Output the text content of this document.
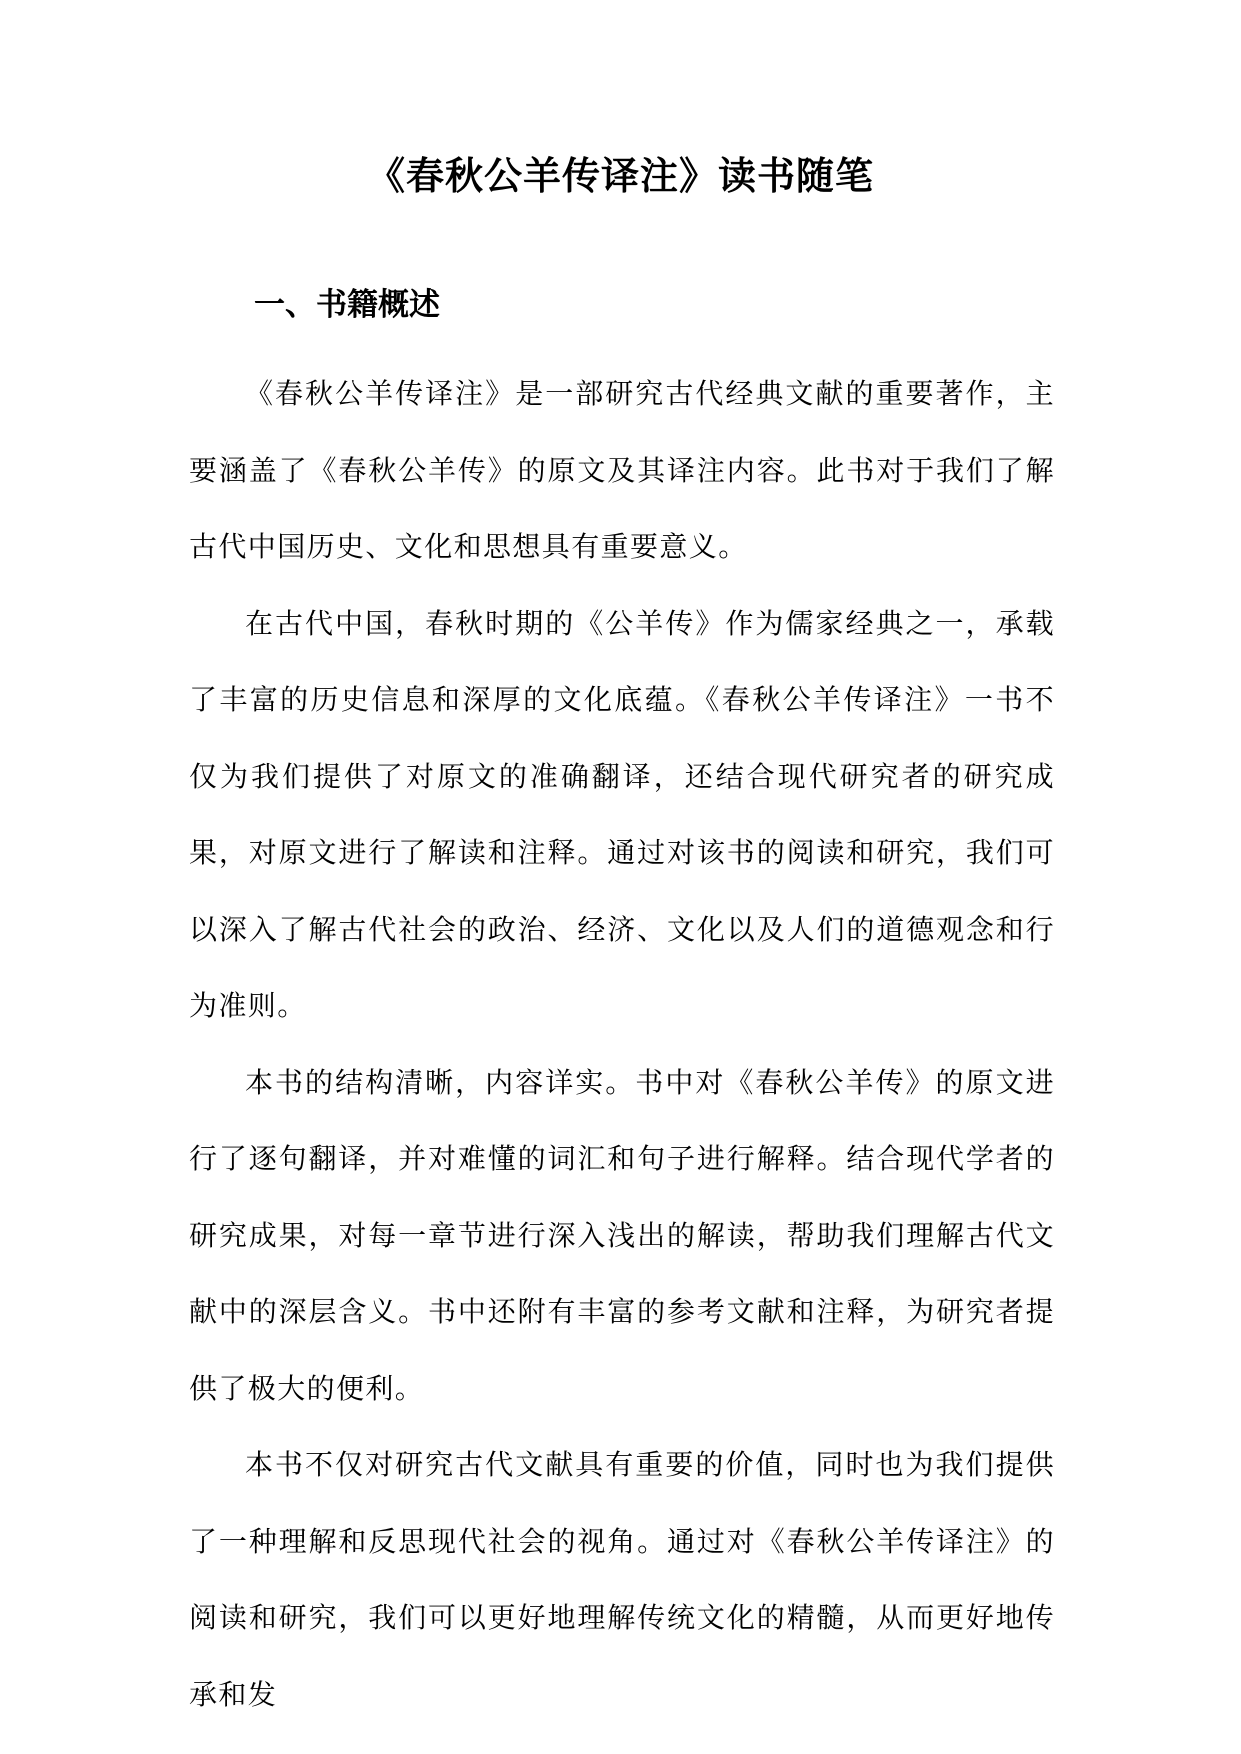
《春秋公羊传译注》读书随笔
一、书籍概述

《春秋公羊传译注》是一部研究古代经典文献的重要著作，主要涵盖了《春秋公羊传》的原文及其译注内容。此书对于我们了解古代中国历史、文化和思想具有重要意义。

在古代中国，春秋时期的《公羊传》作为儒家经典之一，承载了丰富的历史信息和深厚的文化底蕴。《春秋公羊传译注》一书不仅为我们提供了对原文的准确翻译，还结合现代研究者的研究成果，对原文进行了解读和注释。通过对该书的阅读和研究，我们可以深入了解古代社会的政治、经济、文化以及人们的道德观念和行为准则。

本书的结构清晰，内容详实。书中对《春秋公羊传》的原文进行了逐句翻译，并对难懂的词汇和句子进行解释。结合现代学者的研究成果，对每一章节进行深入浅出的解读，帮助我们理解古代文献中的深层含义。书中还附有丰富的参考文献和注释，为研究者提供了极大的便利。

本书不仅对研究古代文献具有重要的价值，同时也为我们提供了一种理解和反思现代社会的视角。通过对《春秋公羊传译注》的阅读和研究，我们可以更好地理解传统文化的精髓，从而更好地传承和发
